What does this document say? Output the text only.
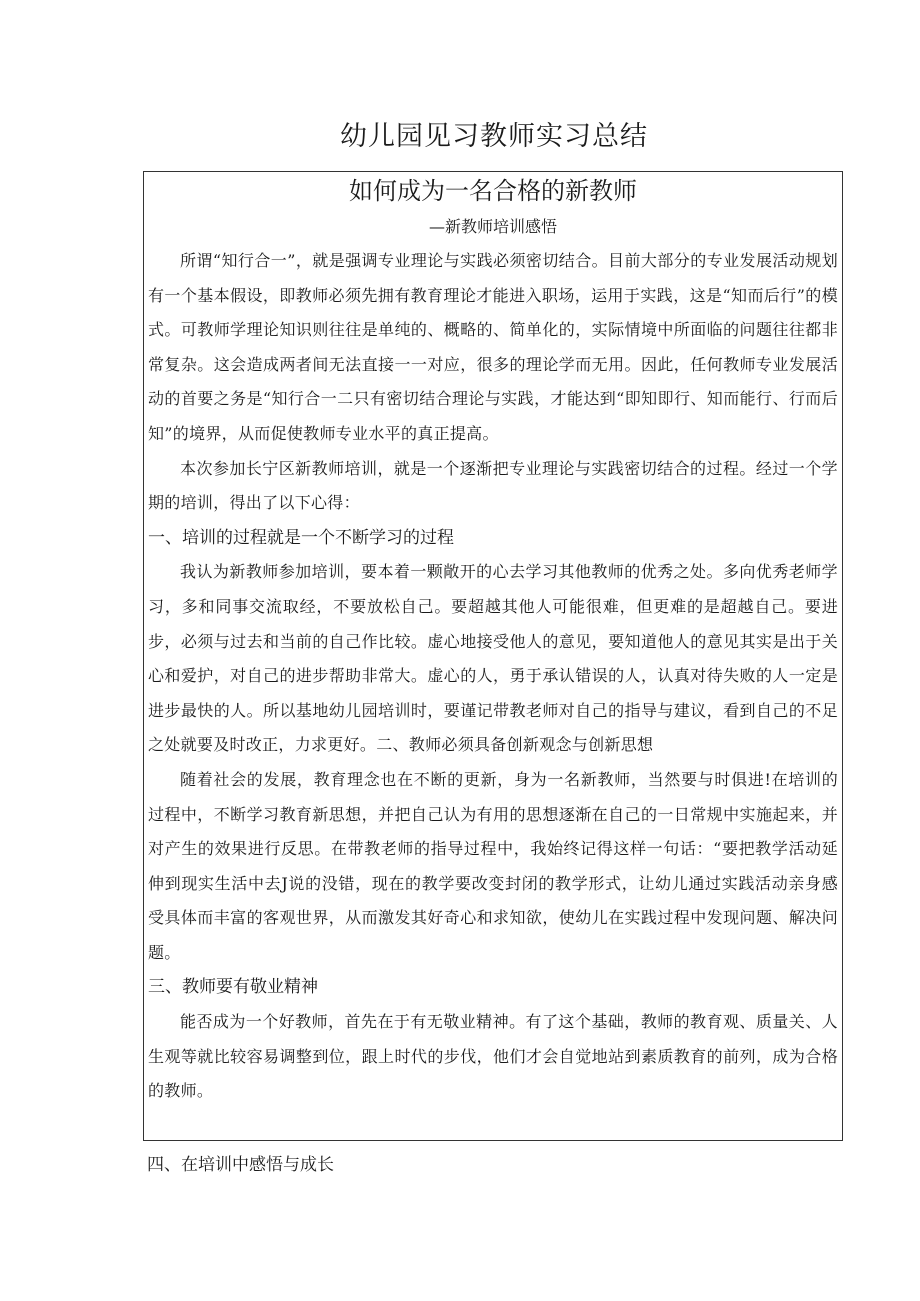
幼儿园见习教师实习总结
如何成为一名合格的新教师

—新教师培训感悟

所谓“知行合一”，就是强调专业理论与实践必须密切结合。目前大部分的专业发展活动规划有一个基本假设，即教师必须先拥有教育理论才能进入职场，运用于实践，这是“知而后行”的模式。可教师学理论知识则往往是单纯的、概略的、简单化的，实际情境中所面临的问题往往都非常复杂。这会造成两者间无法直接一一对应，很多的理论学而无用。因此，任何教师专业发展活动的首要之务是“知行合一二只有密切结合理论与实践，才能达到“即知即行、知而能行、行而后知”的境界，从而促使教师专业水平的真正提高。

本次参加长宁区新教师培训，就是一个逐渐把专业理论与实践密切结合的过程。经过一个学期的培训，得出了以下心得：

一、培训的过程就是一个不断学习的过程

我认为新教师参加培训，要本着一颗敞开的心去学习其他教师的优秀之处。多向优秀老师学习，多和同事交流取经，不要放松自己。要超越其他人可能很难，但更难的是超越自己。要进步，必须与过去和当前的自己作比较。虚心地接受他人的意见，要知道他人的意见其实是出于关心和爱护，对自己的进步帮助非常大。虚心的人，勇于承认错误的人，认真对待失败的人一定是进步最快的人。所以基地幼儿园培训时，要谨记带教老师对自己的指导与建议，看到自己的不足之处就要及时改正，力求更好。二、教师必须具备创新观念与创新思想

随着社会的发展，教育理念也在不断的更新，身为一名新教师，当然要与时俱进!在培训的过程中，不断学习教育新思想，并把自己认为有用的思想逐渐在自己的一日常规中实施起来，并对产生的效果进行反思。在带教老师的指导过程中，我始终记得这样一句话：“要把教学活动延伸到现实生活中去J说的没错，现在的教学要改变封闭的教学形式，让幼儿通过实践活动亲身感受具体而丰富的客观世界，从而激发其好奇心和求知欲，使幼儿在实践过程中发现问题、解决问题。

三、教师要有敬业精神

能否成为一个好教师，首先在于有无敬业精神。有了这个基础，教师的教育观、质量关、人生观等就比较容易调整到位，跟上时代的步伐，他们才会自觉地站到素质教育的前列，成为合格的教师。

四、在培训中感悟与成长
